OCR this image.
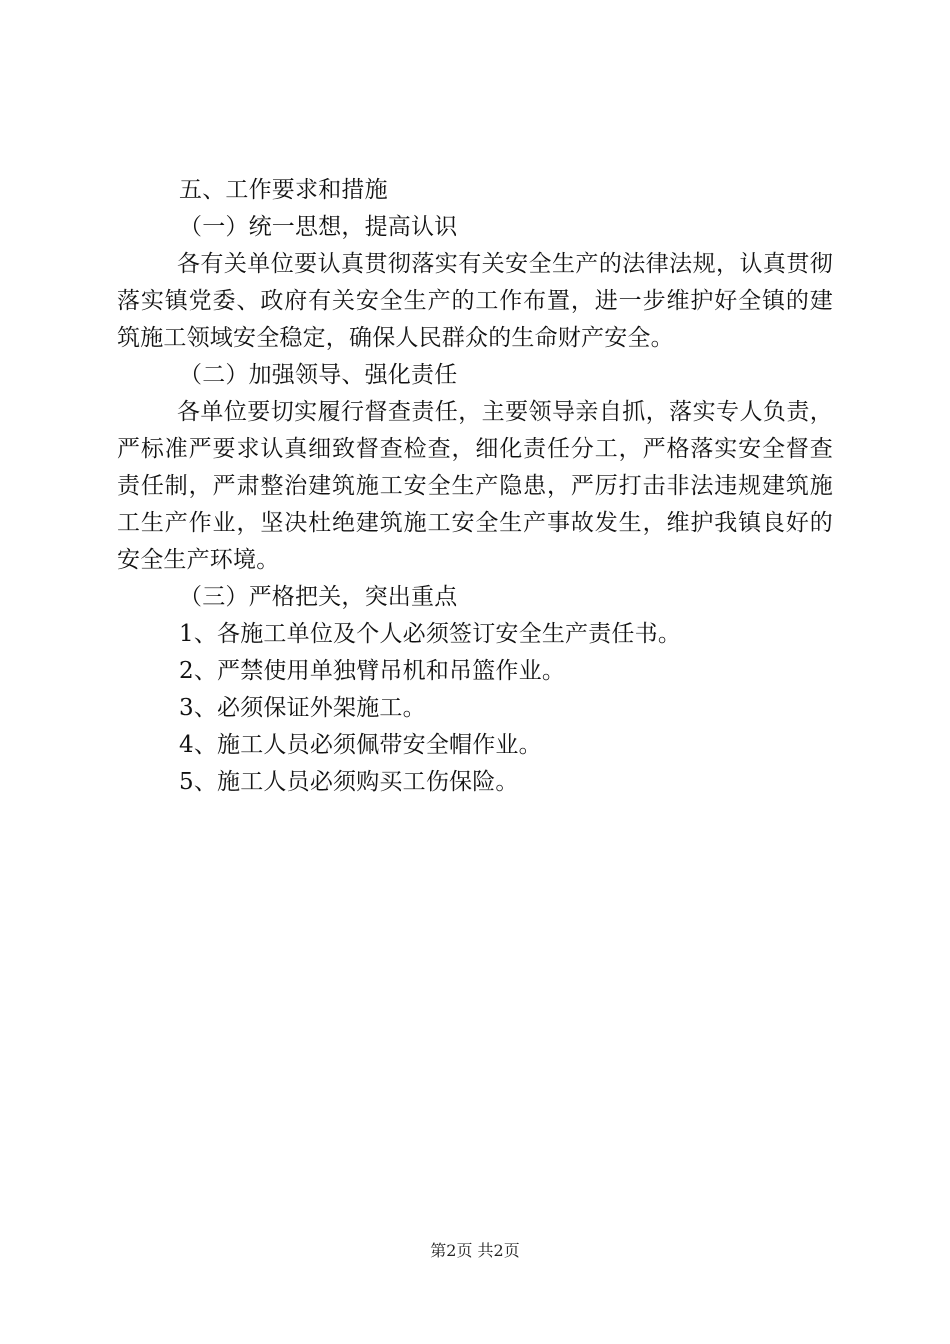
五、工作要求和措施
（一）统一思想，提高认识
各有关单位要认真贯彻落实有关安全生产的法律法规，认真贯彻落实镇党委、政府有关安全生产的工作布置，进一步维护好全镇的建筑施工领域安全稳定，确保人民群众的生命财产安全。
（二）加强领导、强化责任
各单位要切实履行督查责任，主要领导亲自抓，落实专人负责，严标准严要求认真细致督查检查，细化责任分工，严格落实安全督查责任制，严肃整治建筑施工安全生产隐患，严厉打击非法违规建筑施工生产作业，坚决杜绝建筑施工安全生产事故发生，维护我镇良好的安全生产环境。
（三）严格把关，突出重点
1、各施工单位及个人必须签订安全生产责任书。
2、严禁使用单独臂吊机和吊篮作业。
3、必须保证外架施工。
4、施工人员必须佩带安全帽作业。
5、施工人员必须购买工伤保险。
第2页 共2页
